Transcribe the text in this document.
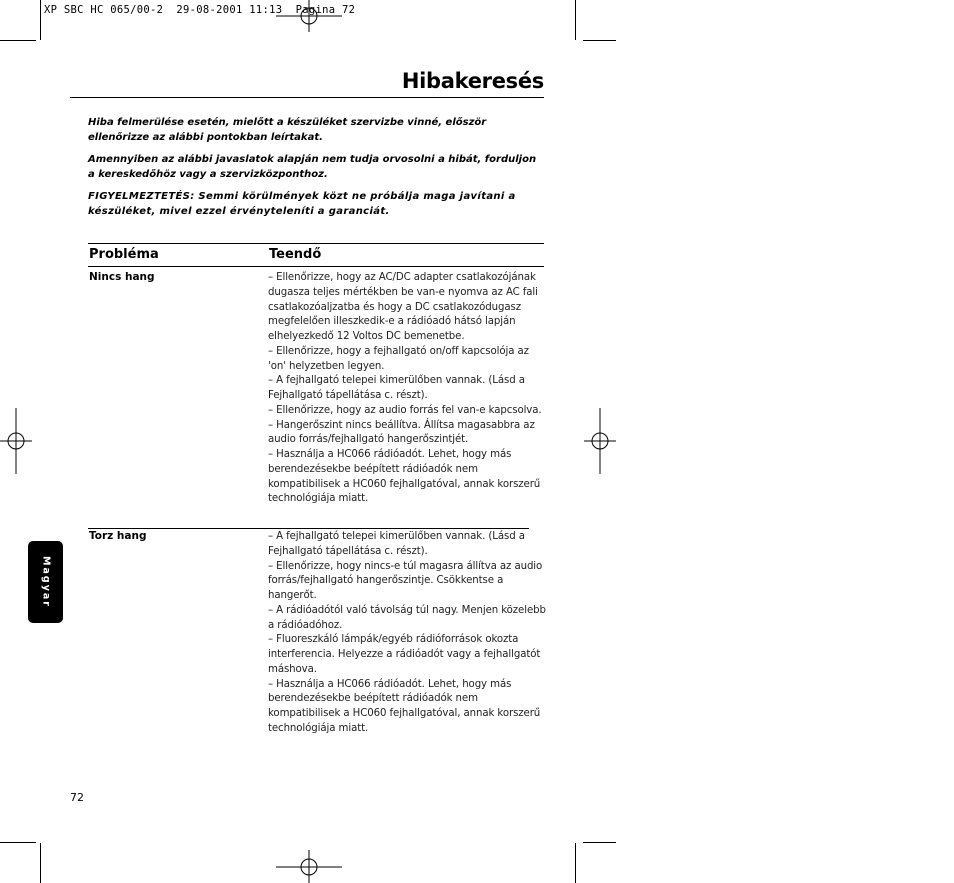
XP SBC HC 065/00-2  29-08-2001 11:13  Pagina 72
Hibakeresés
Hiba felmerülése esetén, mielőtt a készüléket szervizbe vinné, először ellenőrizze az alábbi pontokban leírtakat.
Amennyiben az alábbi javaslatok alapján nem tudja orvosolni a hibát, forduljon a kereskedőhöz vagy a szervizközponthoz.
FIGYELMEZTETÉS: Semmi körülmények közt ne próbálja maga javítani a készüléket, mivel ezzel érvényteleníti a garanciát.
Probléma	Teendő
Nincs hang	– Ellenőrizze, hogy az AC/DC adapter csatlakozójának dugasza teljes mértékben be van-e nyomva az AC fali csatlakozóaljzatba és hogy a DC csatlakozódugasz megfelelően illeszkedik-e a rádióadó hátsó lapján elhelyezkedő 12 Voltos DC bemenetbe.
– Ellenőrizze, hogy a fejhallgató on/off kapcsolója az 'on' helyzetben legyen.
– A fejhallgató telepei kimerülőben vannak. (Lásd a Fejhallgató tápellátása c. részt).
– Ellenőrizze, hogy az audio forrás fel van-e kapcsolva.
– Hangerőszint nincs beállítva. Állítsa magasabbra az audio forrás/fejhallgató hangerőszintjét.
– Használja a HC066 rádióadót. Lehet, hogy más berendezésekbe beépített rádióadók nem kompatibilisek a HC060 fejhallgatóval, annak korszerű technológiája miatt.
Torz hang	– A fejhallgató telepei kimerülőben vannak. (Lásd a Fejhallgató tápellátása c. részt).
– Ellenőrizze, hogy nincs-e túl magasra állítva az audio forrás/fejhallgató hangerőszintje. Csökkentse a hangerőt.
– A rádióadótól való távolság túl nagy. Menjen közelebb a rádióadóhoz.
– Fluoreszkáló lámpák/egyéb rádióforrások okozta interferencia. Helyezze a rádióadót vagy a fejhallgatót máshova.
– Használja a HC066 rádióadót. Lehet, hogy más berendezésekbe beépített rádióadók nem kompatibilisek a HC060 fejhallgatóval, annak korszerű technológiája miatt.
Magyar
72
